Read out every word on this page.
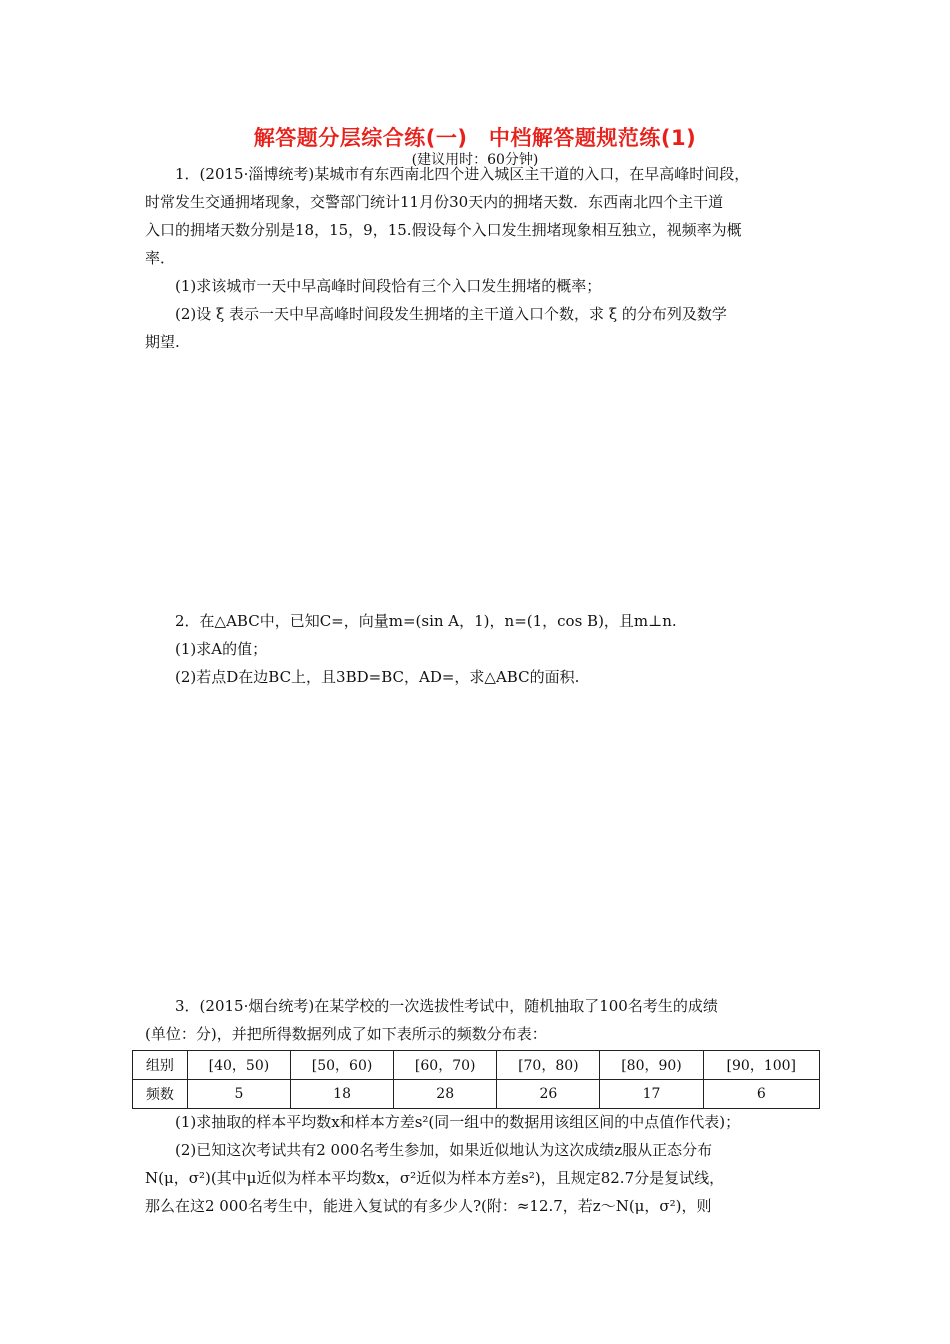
解答题分层综合练(一)　中档解答题规范练(1)
(建议用时：60分钟)

1．(2015·淄博统考)某城市有东西南北四个进入城区主干道的入口，在早高峰时间段，

时常发生交通拥堵现象，交警部门统计11月份30天内的拥堵天数．东西南北四个主干道

入口的拥堵天数分别是18，15，9，15.假设每个入口发生拥堵现象相互独立，视频率为概

率．

(1)求该城市一天中早高峰时间段恰有三个入口发生拥堵的概率；

(2)设 ξ 表示一天中早高峰时间段发生拥堵的主干道入口个数，求 ξ 的分布列及数学

期望.

2．在△ABC中，已知C=，向量m=(sin A，1)，n=(1，cos B)，且m⊥n.

(1)求A的值；

(2)若点D在边BC上，且3BD=BC，AD=，求△ABC的面积.

3．(2015·烟台统考)在某学校的一次选拔性考试中，随机抽取了100名考生的成绩

(单位：分)，并把所得数据列成了如下表所示的频数分布表：

组别	[40，50)	[50，60)	[60，70)	[70，80)	[80，90)	[90，100]
频数	5	18	28	26	17	6

(1)求抽取的样本平均数x和样本方差s²(同一组中的数据用该组区间的中点值作代表)；

(2)已知这次考试共有2 000名考生参加，如果近似地认为这次成绩z服从正态分布

N(μ，σ²)(其中μ近似为样本平均数x，σ²近似为样本方差s²)，且规定82.7分是复试线，

那么在这2 000名考生中，能进入复试的有多少人?(附：≈12.7，若z～N(μ，σ²)，则
